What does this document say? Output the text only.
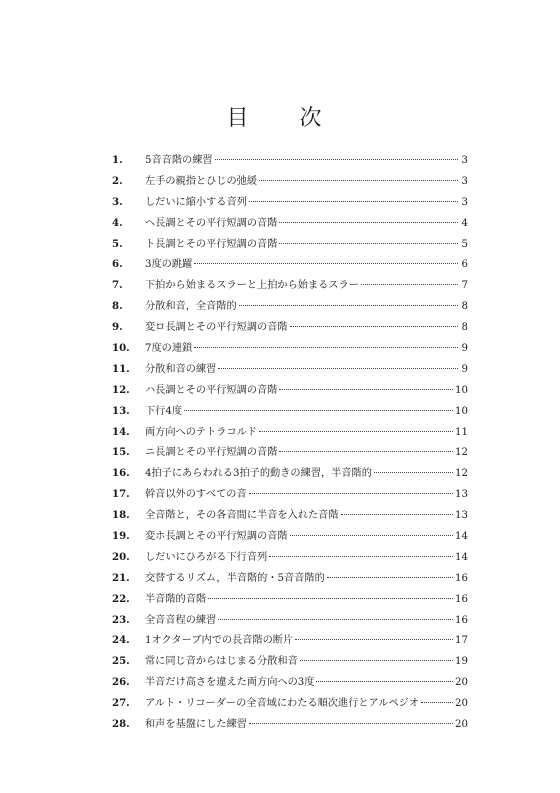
目 次
1.	5音音階の練習	3
2.	左手の親指とひじの弛緩	3
3.	しだいに縮小する音列	3
4.	ヘ長調とその平行短調の音階	4
5.	ト長調とその平行短調の音階	5
6.	3度の跳躍	6
7.	下拍から始まるスラーと上拍から始まるスラー	7
8.	分散和音，全音階的	8
9.	変ロ長調とその平行短調の音階	8
10.	7度の連鎖	9
11.	分散和音の練習	9
12.	ハ長調とその平行短調の音階	10
13.	下行4度	10
14.	両方向へのテトラコルド	11
15.	ニ長調とその平行短調の音階	12
16.	4拍子にあらわれる3拍子的動きの練習，半音階的	12
17.	幹音以外のすべての音	13
18.	全音階と，その各音間に半音を入れた音階	13
19.	変ホ長調とその平行短調の音階	14
20.	しだいにひろがる下行音列	14
21.	交替するリズム，半音階的・5音音階的	16
22.	半音階的音階	16
23.	全音音程の練習	16
24.	1オクターブ内での長音階の断片	17
25.	常に同じ音からはじまる分散和音	19
26.	半音だけ高さを違えた両方向への3度	20
27.	アルト・リコーダーの全音域にわたる順次進行とアルペジオ	20
28.	和声を基盤にした練習	20
